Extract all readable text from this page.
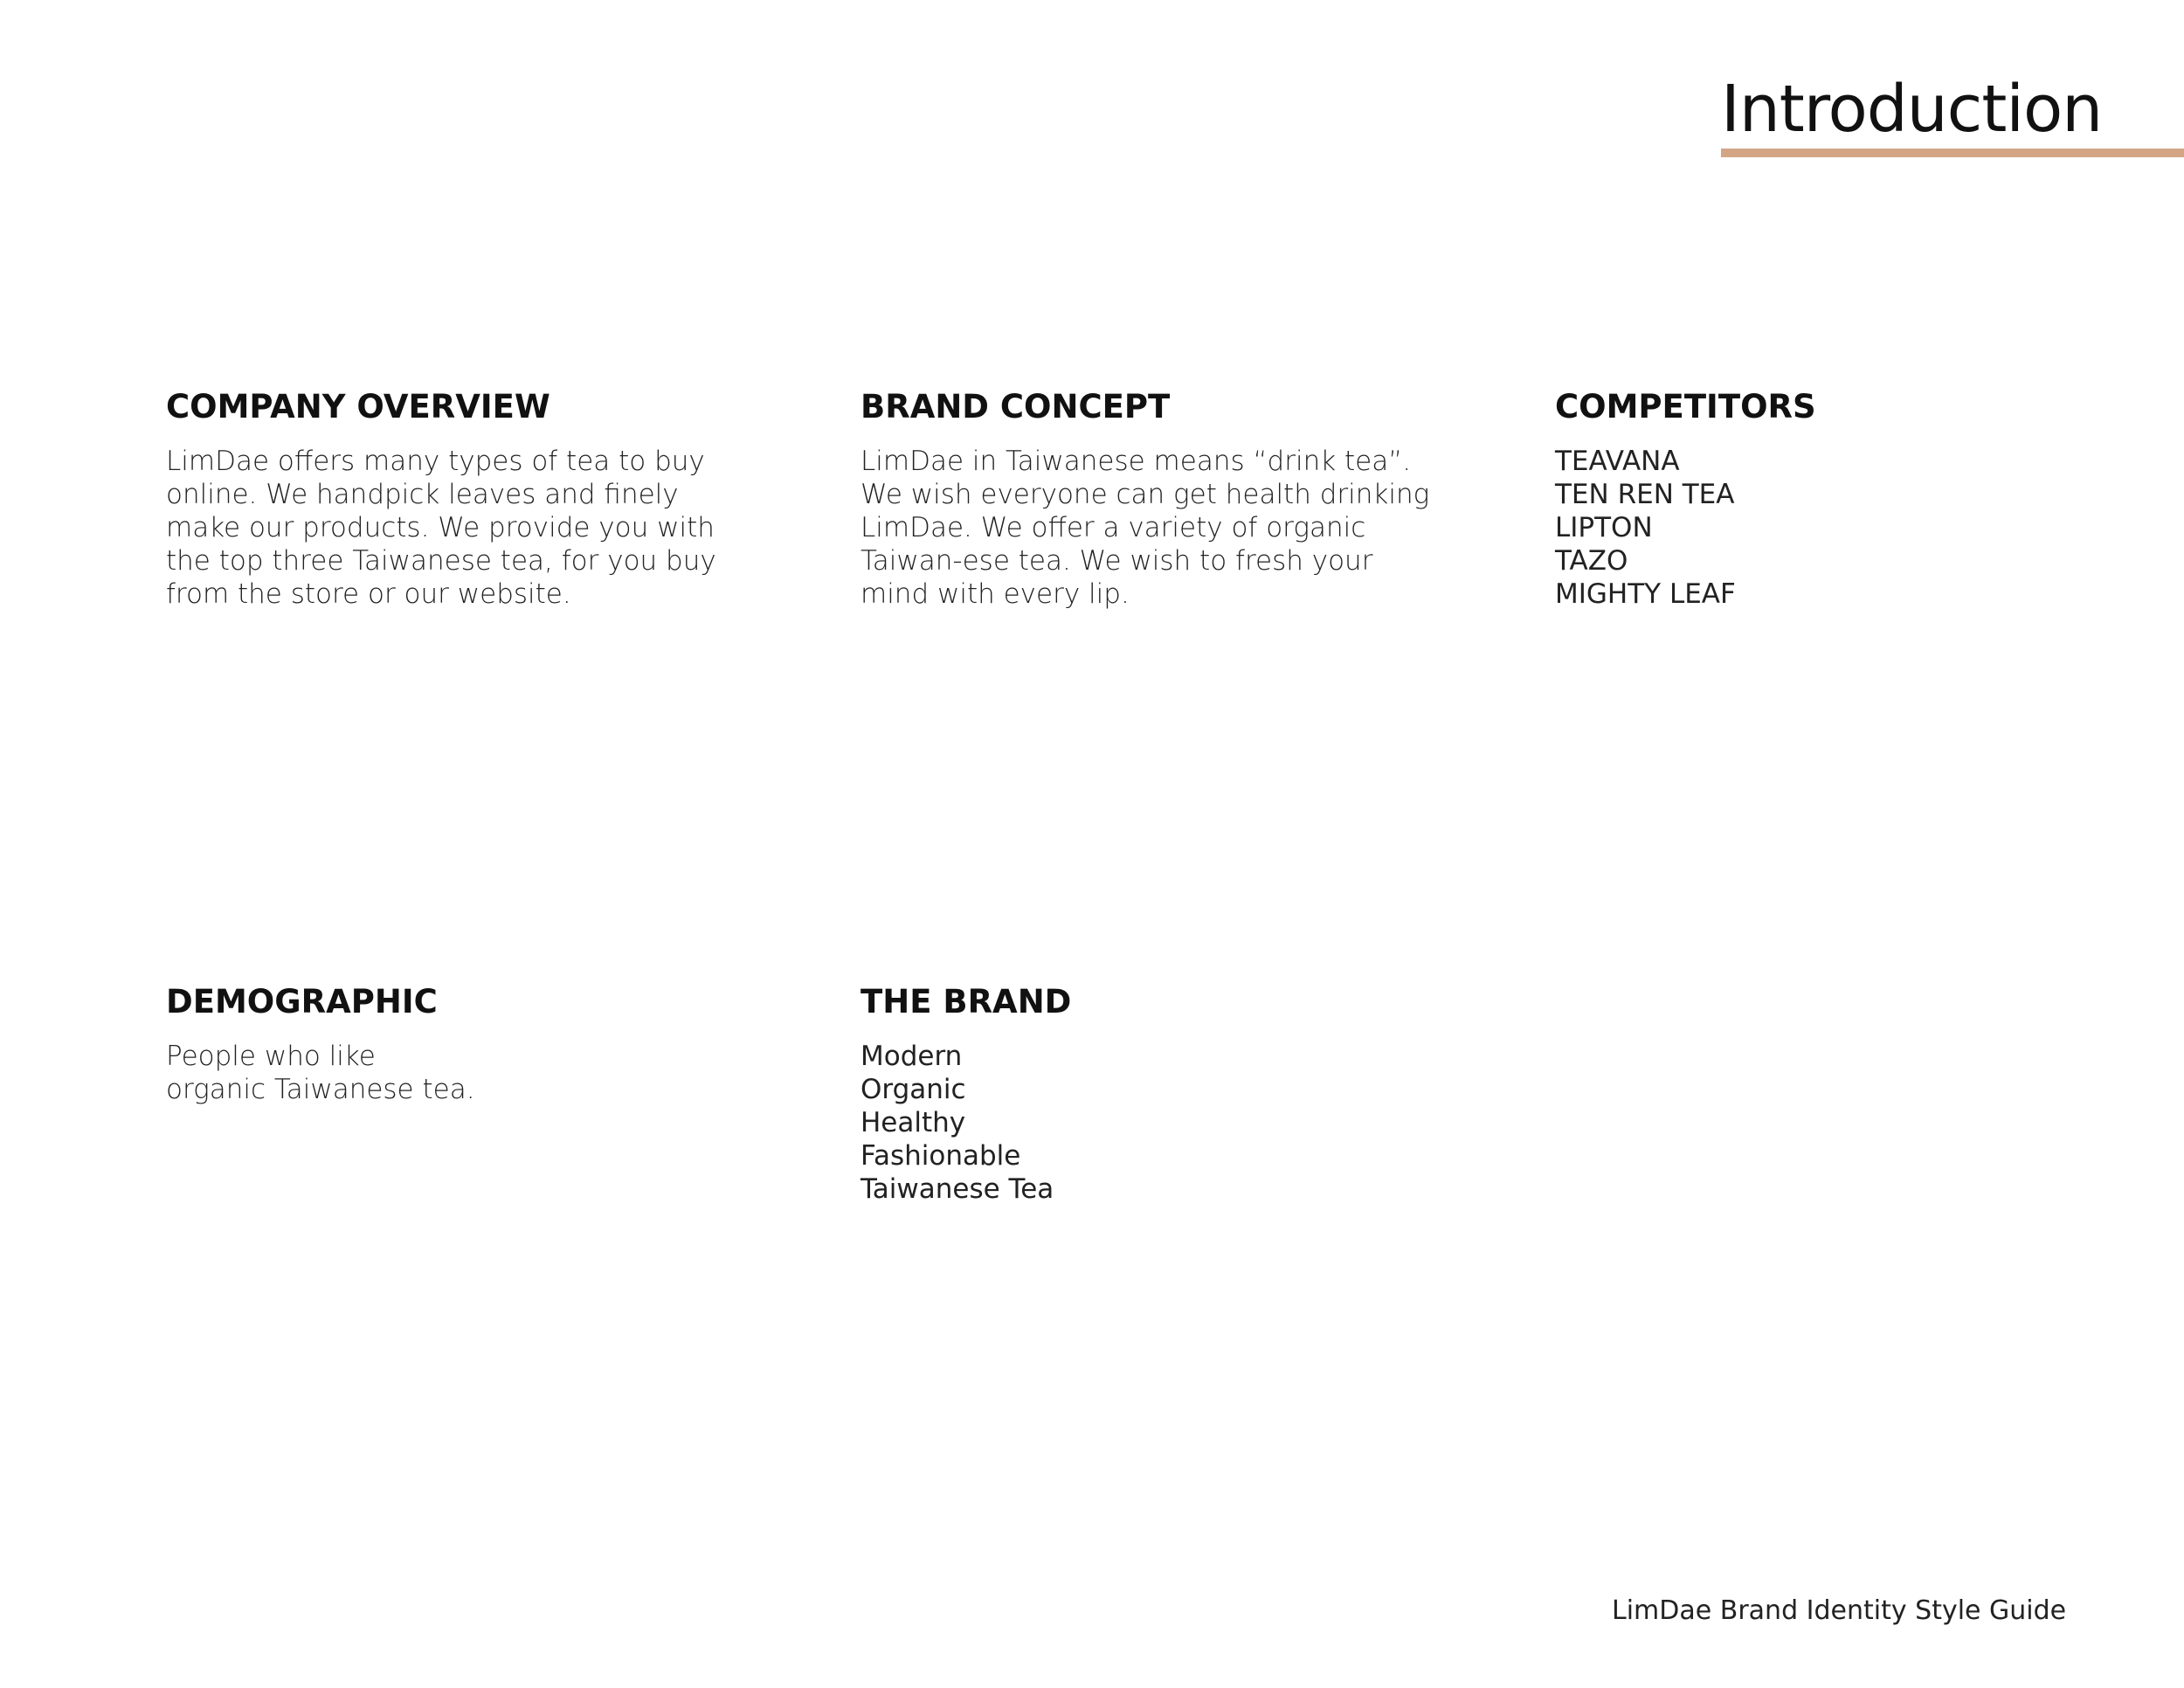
Introduction
COMPANY OVERVIEW

LimDae offers many types of tea to buy online. We handpick leaves and finely make our products. We provide you with the top three Taiwanese tea, for you buy from the store or our website.

BRAND CONCEPT

LimDae in Taiwanese means “drink tea”. We wish everyone can get health drinking LimDae. We offer a variety of organic Taiwan-ese tea. We wish to fresh your mind with every lip.

COMPETITORS
TEAVANA
TEN REN TEA
LIPTON
TAZO
MIGHTY LEAF
DEMOGRAPHIC

People who like organic Taiwanese tea.

THE BRAND
Modern
Organic
Healthy
Fashionable
Taiwanese Tea
LimDae Brand Identity Style Guide
